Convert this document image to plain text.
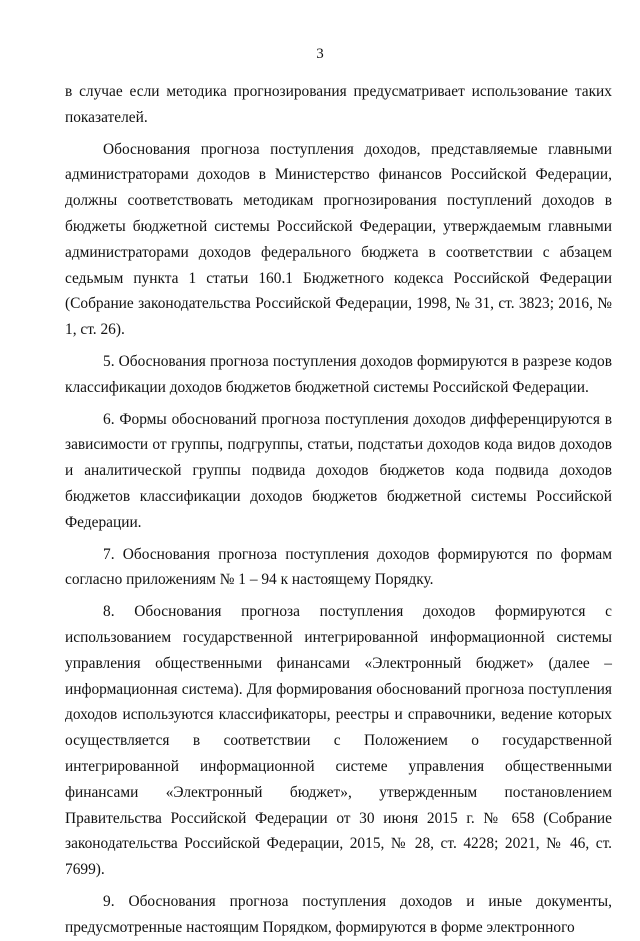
3

в случае если методика прогнозирования предусматривает использование таких показателей.

Обоснования прогноза поступления доходов, представляемые главными администраторами доходов в Министерство финансов Российской Федерации, должны соответствовать методикам прогнозирования поступлений доходов в бюджеты бюджетной системы Российской Федерации, утверждаемым главными администраторами доходов федерального бюджета в соответствии с абзацем седьмым пункта 1 статьи 160.1 Бюджетного кодекса Российской Федерации (Собрание законодательства Российской Федерации, 1998, № 31, ст. 3823; 2016, № 1, ст. 26).

5. Обоснования прогноза поступления доходов формируются в разрезе кодов классификации доходов бюджетов бюджетной системы Российской Федерации.

6. Формы обоснований прогноза поступления доходов дифференцируются в зависимости от группы, подгруппы, статьи, подстатьи доходов кода видов доходов и аналитической группы подвида доходов бюджетов кода подвида доходов бюджетов классификации доходов бюджетов бюджетной системы Российской Федерации.

7. Обоснования прогноза поступления доходов формируются по формам согласно приложениям № 1 – 94 к настоящему Порядку.

8. Обоснования прогноза поступления доходов формируются с использованием государственной интегрированной информационной системы управления общественными финансами «Электронный бюджет» (далее – информационная система). Для формирования обоснований прогноза поступления доходов используются классификаторы, реестры и справочники, ведение которых осуществляется в соответствии с Положением о государственной интегрированной информационной системе управления общественными финансами «Электронный бюджет», утвержденным постановлением Правительства Российской Федерации от 30 июня 2015 г. № 658 (Собрание законодательства Российской Федерации, 2015, № 28, ст. 4228; 2021, № 46, ст. 7699).

9. Обоснования прогноза поступления доходов и иные документы, предусмотренные настоящим Порядком, формируются в форме электронного
